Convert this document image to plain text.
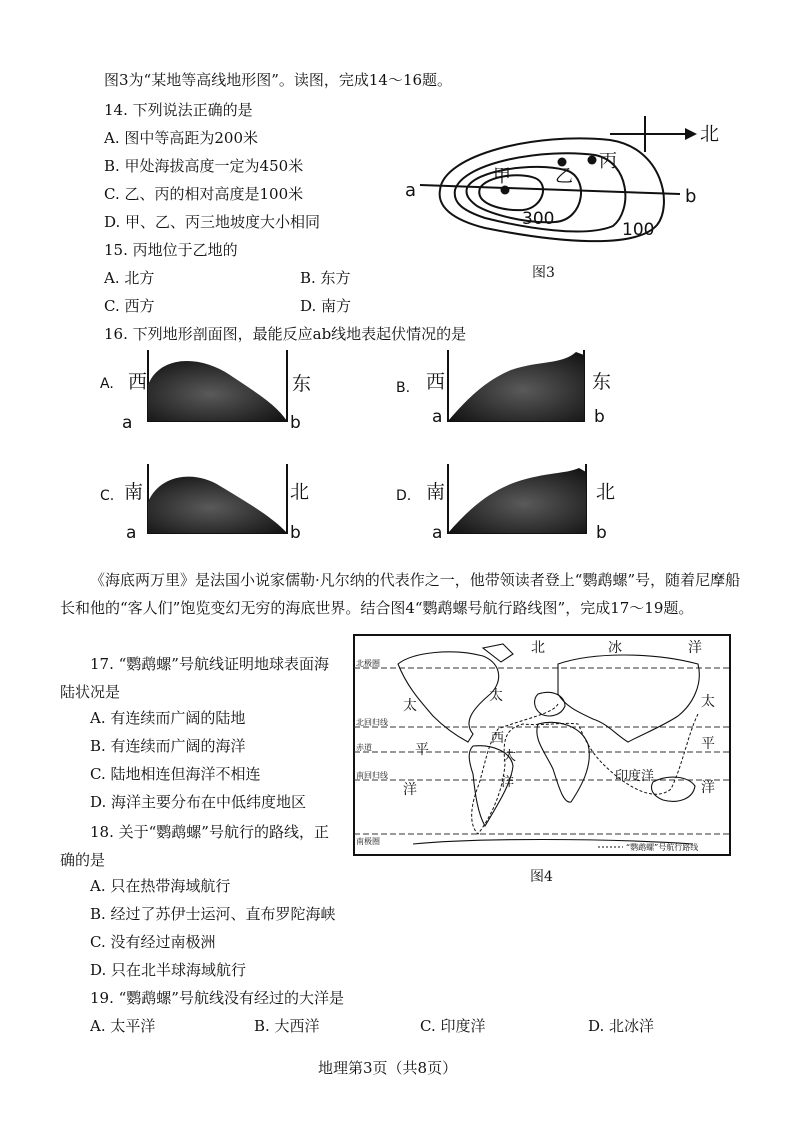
图3为“某地等高线地形图”。读图，完成14～16题。
14. 下列说法正确的是
A. 图中等高距为200米
B. 甲处海拔高度一定为450米
C. 乙、丙的相对高度是100米
D. 甲、乙、丙三地坡度大小相同
15. 丙地位于乙地的
A. 北方	B. 东方
C. 西方	D. 南方
北
a	b
甲 乙
丙
300
100
图3
16. 下列地形剖面图，最能反应ab线地表起伏情况的是
A. 西	东
a	b
B. 西	东
a	b
C. 南	北
a	b
D. 南	北
a	b
《海底两万里》是法国小说家儒勒·凡尔纳的代表作之一，他带领读者登上“鹦鹉螺”号，随着尼摩船长和他的“客人们”饱览变幻无穷的海底世界。结合图4“鹦鹉螺号航行路线图”，完成17～19题。
17. “鹦鹉螺”号航线证明地球表面海陆状况是
A. 有连续而广阔的陆地
B. 有连续而广阔的海洋
C. 陆地相连但海洋不相连
D. 海洋主要分布在中低纬度地区
18. 关于“鹦鹉螺”号航行的路线，正确的是
A. 只在热带海域航行
B. 经过了苏伊士运河、直布罗陀海峡
C. 没有经过南极洲
D. 只在北半球海域航行
北极圈
北回归线
赤道
南回归线
南极圈
北	冰	洋
太
太	太
平	平
洋	洋
西
大
洋	印度洋
“鹦鹉螺”号航行路线
图4
19. “鹦鹉螺”号航线没有经过的大洋是
A. 太平洋	B. 大西洋	C. 印度洋	D. 北冰洋
地理第3页（共8页）
